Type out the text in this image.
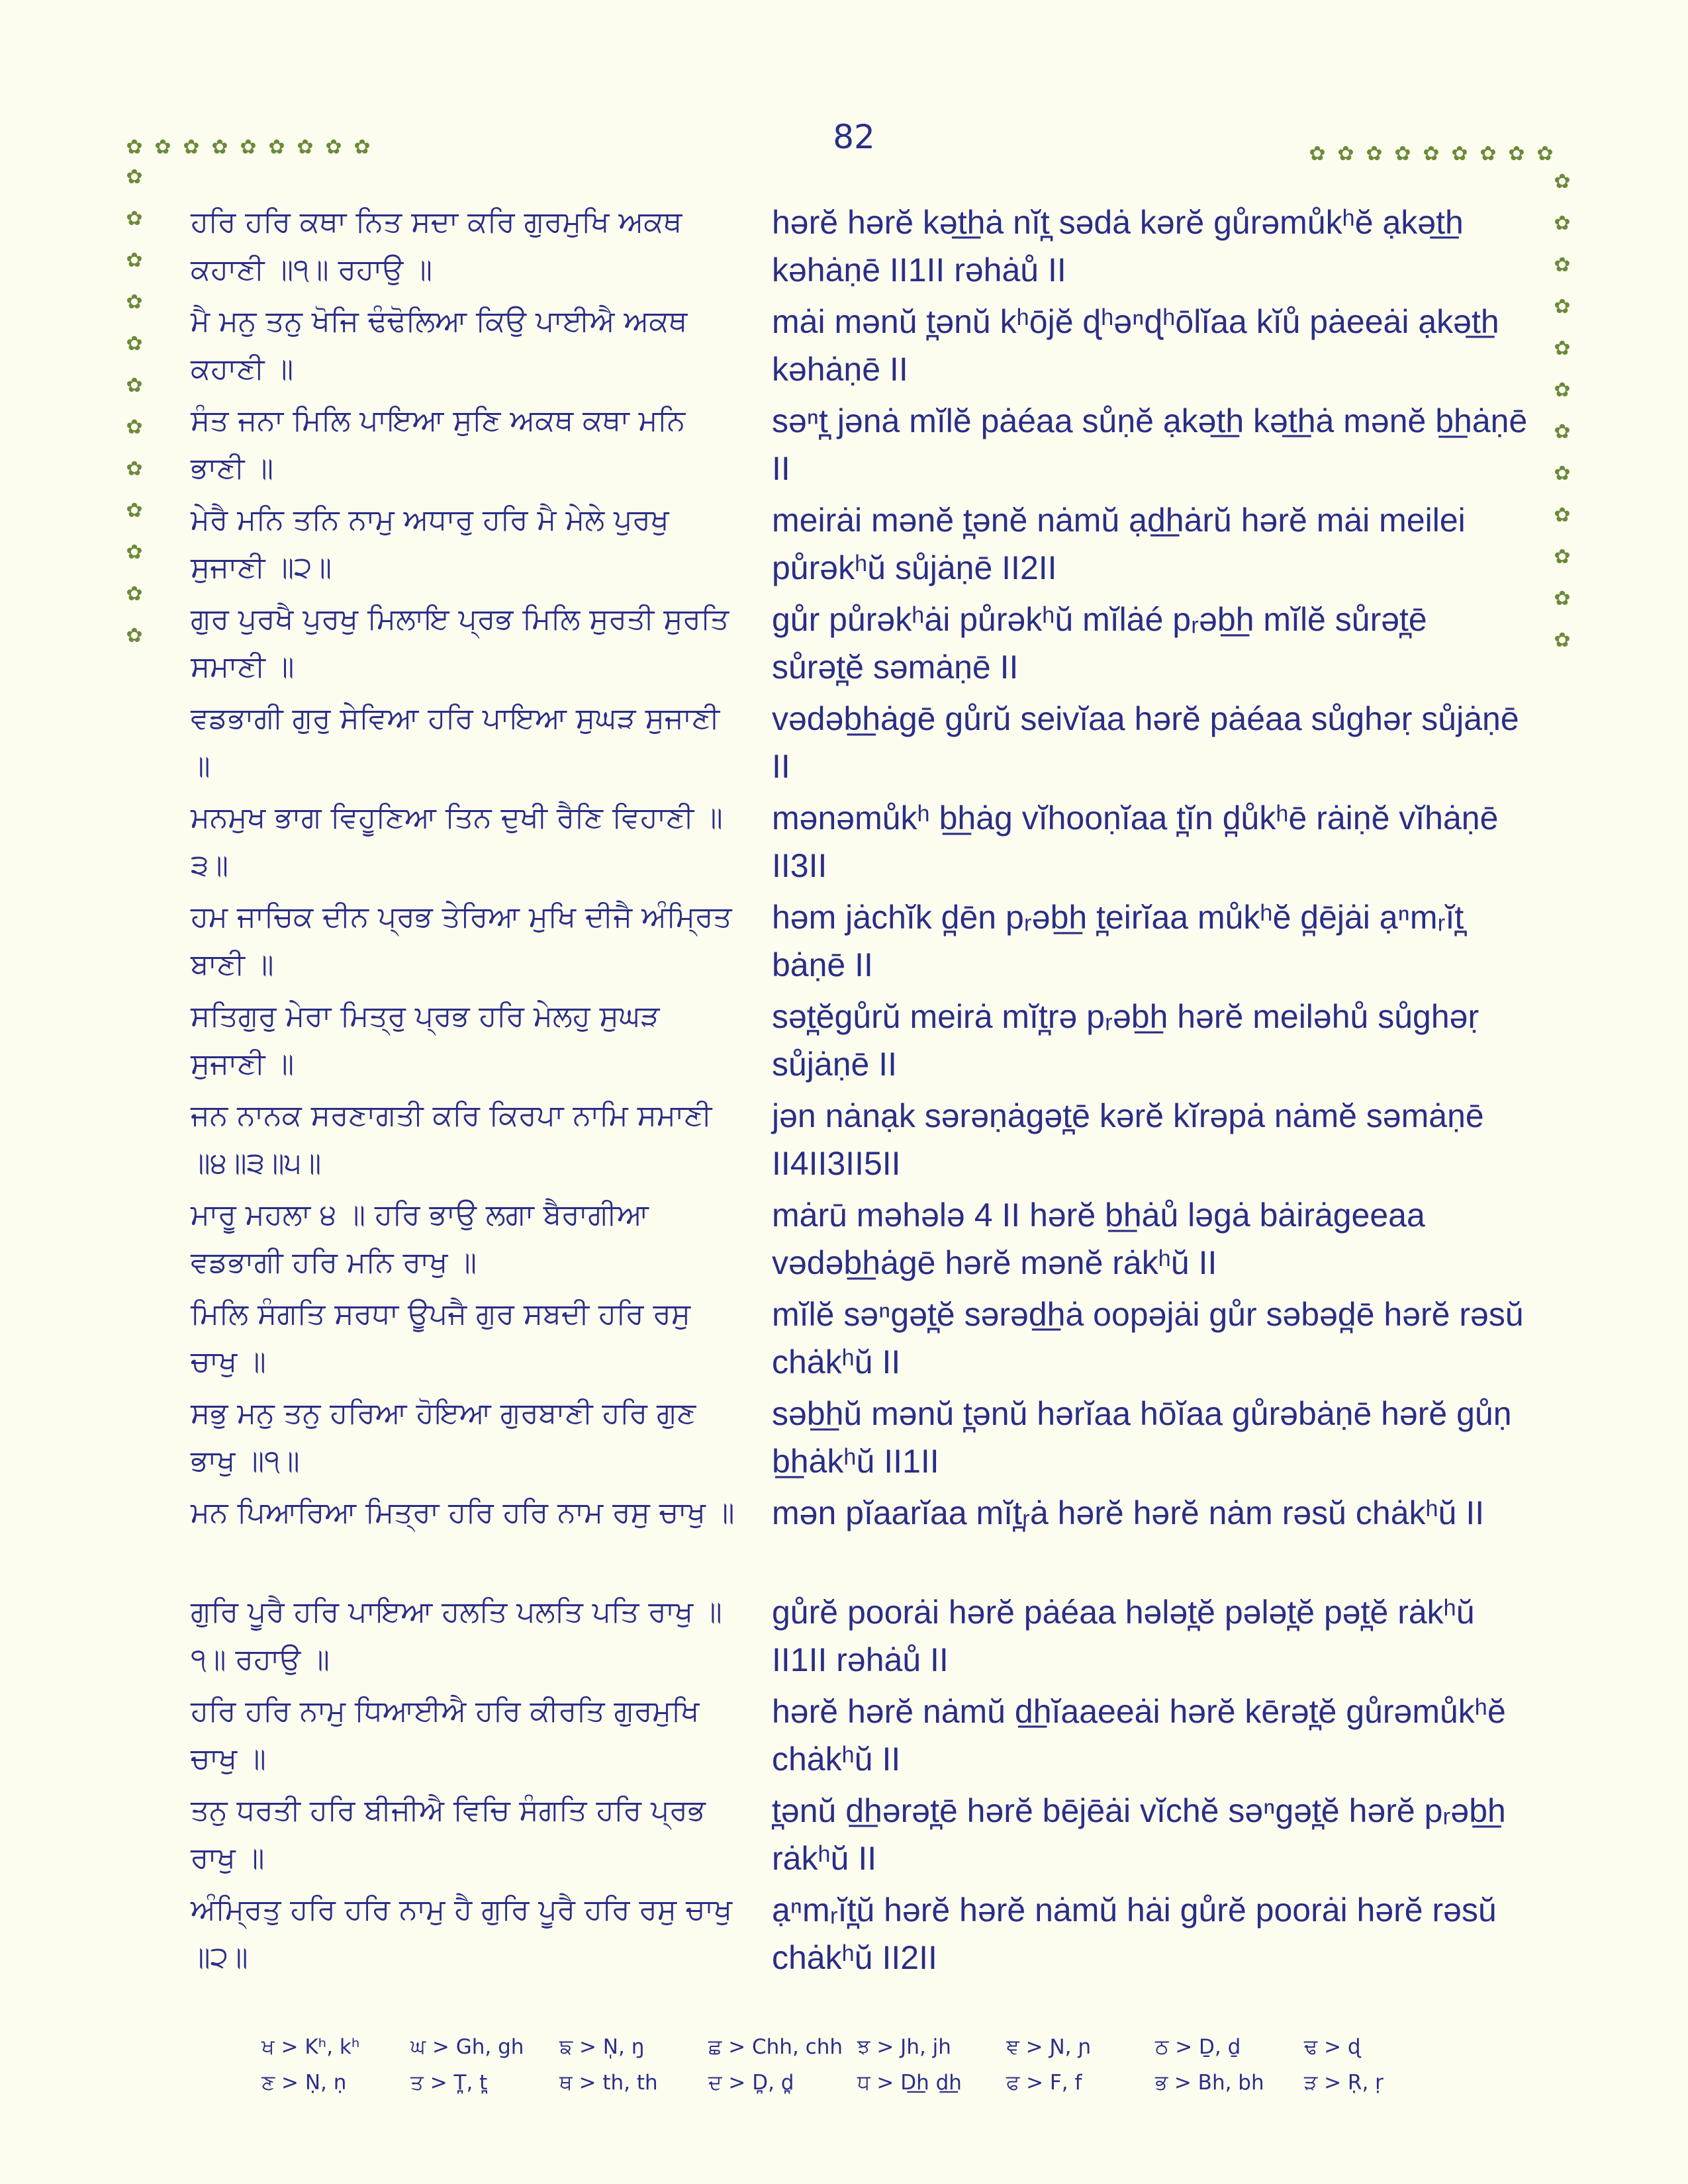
82
✿ ✿ ✿ ✿ ✿ ✿ ✿ ✿ ✿
✿
✿
✿
✿
✿
✿
✿
✿
✿
✿
✿
✿
✿ ✿ ✿ ✿ ✿ ✿ ✿ ✿ ✿
✿
✿
✿
✿
✿
✿
✿
✿
✿
✿
✿
✿
ਹਰਿ ਹਰਿ ਕਥਾ ਨਿਤ ਸਦਾ ਕਰਿ ਗੁਰਮੁਖਿ ਅਕਥ ਕਹਾਣੀ ॥੧॥ ਰਹਾਉ ॥
hərĕ hərĕ kət͟hȧ nĭt̪ sədȧ kərĕ gůrəmůkʰĕ ạkət͟h kəhȧṇē II1II rəhȧů II
ਮੈ ਮਨੁ ਤਨੁ ਖੋਜਿ ਢੰਢੋਲਿਆ ਕਿਉ ਪਾਈਐ ਅਕਥ ਕਹਾਣੀ ॥
mȧi mənŭ t̪ənŭ kʰōjĕ ɖʰəⁿɖʰōlĭaa kĭů pȧeeȧi ạkət͟h kəhȧṇē II
ਸੰਤ ਜਨਾ ਮਿਲਿ ਪਾਇਆ ਸੁਣਿ ਅਕਥ ਕਥਾ ਮਨਿ ਭਾਣੀ ॥
səⁿt̪ jənȧ mĭlĕ pȧéaa sůṇĕ ạkət͟h kət͟hȧ mənĕ b͟hȧṇē II
ਮੇਰੈ ਮਨਿ ਤਨਿ ਨਾਮੁ ਅਧਾਰੁ ਹਰਿ ਮੈ ਮੇਲੇ ਪੁਰਖੁ ਸੁਜਾਣੀ ॥੨॥
meirȧi mənĕ t̪ənĕ nȧmŭ ạd͟hȧrŭ hərĕ mȧi meilei půrəkʰŭ sůjȧṇē II2II
ਗੁਰ ਪੁਰਖੈ ਪੁਰਖੁ ਮਿਲਾਇ ਪ੍ਰਭ ਮਿਲਿ ਸੁਰਤੀ ਸੁਰਤਿ ਸਮਾਣੀ ॥
gůr půrəkʰȧi půrəkʰŭ mĭlȧé pᵣəb͟h mĭlĕ sůrət̪ē sůrət̪ĕ səmȧṇē II
ਵਡਭਾਗੀ ਗੁਰੁ ਸੇਵਿਆ ਹਰਿ ਪਾਇਆ ਸੁਘੜ ਸੁਜਾਣੀ ॥
vədəb͟hȧgē gůrŭ seivĭaa hərĕ pȧéaa sůghəṛ sůjȧṇē II
ਮਨਮੁਖ ਭਾਗ ਵਿਹੂਣਿਆ ਤਿਨ ਦੁਖੀ ਰੈਣਿ ਵਿਹਾਣੀ ॥੩॥
mənəmůkʰ b͟hȧg vĭhooṇĭaa t̪ĭn d̪ůkʰē rȧiṇĕ vĭhȧṇē II3II
ਹਮ ਜਾਚਿਕ ਦੀਨ ਪ੍ਰਭ ਤੇਰਿਆ ਮੁਖਿ ਦੀਜੈ ਅੰਮ੍ਰਿਤ ਬਾਣੀ ॥
həm jȧchĭk d̪ēn pᵣəb͟h t̪eirĭaa můkʰĕ d̪ējȧi ạⁿmᵣĭt̪ bȧṇē II
ਸਤਿਗੁਰੁ ਮੇਰਾ ਮਿਤ੍ਰੁ ਪ੍ਰਭ ਹਰਿ ਮੇਲਹੁ ਸੁਘੜ ਸੁਜਾਣੀ ॥
sət̪ĕgůrŭ meirȧ mĭt̪rə pᵣəb͟h hərĕ meiləhů sůghəṛ sůjȧṇē II
ਜਨ ਨਾਨਕ ਸਰਣਾਗਤੀ ਕਰਿ ਕਿਰਪਾ ਨਾਮਿ ਸਮਾਣੀ ॥੪॥੩॥੫॥
jən nȧnạk sərəṇȧgət̪ē kərĕ kĭrəpȧ nȧmĕ səmȧṇē II4II3II5II
ਮਾਰੂ ਮਹਲਾ ੪ ॥ ਹਰਿ ਭਾਉ ਲਗਾ ਬੈਰਾਗੀਆ ਵਡਭਾਗੀ ਹਰਿ ਮਨਿ ਰਾਖੁ ॥
mȧrū məhələ 4 II hərĕ b͟hȧů ləgȧ bȧirȧgeeaa vədəb͟hȧgē hərĕ mənĕ rȧkʰŭ II
ਮਿਲਿ ਸੰਗਤਿ ਸਰਧਾ ਊਪਜੈ ਗੁਰ ਸਬਦੀ ਹਰਿ ਰਸੁ ਚਾਖੁ ॥
mĭlĕ səⁿgət̪ĕ sərəd͟hȧ oopəjȧi gůr səbəd̪ē hərĕ rəsŭ chȧkʰŭ II
ਸਭੁ ਮਨੁ ਤਨੁ ਹਰਿਆ ਹੋਇਆ ਗੁਰਬਾਣੀ ਹਰਿ ਗੁਣ ਭਾਖੁ ॥੧॥
səb͟hŭ mənŭ t̪ənŭ hərĭaa hōĭaa gůrəbȧṇē hərĕ gůṇ b͟hȧkʰŭ II1II
ਮਨ ਪਿਆਰਿਆ ਮਿਤ੍ਰਾ ਹਰਿ ਹਰਿ ਨਾਮ ਰਸੁ ਚਾਖੁ ॥ mən pĭaarĭaa mĭt̪ᵣȧ hərĕ hərĕ nȧm rəsŭ chȧkʰŭ II
ਗੁਰਿ ਪੂਰੈ ਹਰਿ ਪਾਇਆ ਹਲਤਿ ਪਲਤਿ ਪਤਿ ਰਾਖੁ ॥੧॥ ਰਹਾਉ ॥
gůrĕ poorȧi hərĕ pȧéaa hələt̪ĕ pələt̪ĕ pət̪ĕ rȧkʰŭ II1II rəhȧů II
ਹਰਿ ਹਰਿ ਨਾਮੁ ਧਿਆਈਐ ਹਰਿ ਕੀਰਤਿ ਗੁਰਮੁਖਿ ਚਾਖੁ ॥
hərĕ hərĕ nȧmŭ d͟hĭaaeeȧi hərĕ kērət̪ĕ gůrəmůkʰĕ chȧkʰŭ II
ਤਨੁ ਧਰਤੀ ਹਰਿ ਬੀਜੀਐ ਵਿਚਿ ਸੰਗਤਿ ਹਰਿ ਪ੍ਰਭ ਰਾਖੁ ॥
t̪ənŭ d͟hərət̪ē hərĕ bējēȧi vĭchĕ səⁿgət̪ĕ hərĕ pᵣəb͟h rȧkʰŭ II
ਅੰਮ੍ਰਿਤੁ ਹਰਿ ਹਰਿ ਨਾਮੁ ਹੈ ਗੁਰਿ ਪੂਰੈ ਹਰਿ ਰਸੁ ਚਾਖੁ ॥੨॥
ạⁿmᵣĭt̪ŭ hərĕ hərĕ nȧmŭ hȧi gůrĕ poorȧi hərĕ rəsŭ chȧkʰŭ II2II
ਖ > Kʰ, kʰ	ਘ > Gh, gh	ਙ > N̩, ŋ	ਛ > Chh, chh ਝ > Jh, jh	ਞ > Ɲ, ɲ	ਠ > Ḏ, ḏ	ਢ > ɖ
ਣ > Ṇ, ṇ	ਤ > T̪, t̪	ਥ > th, th	ਦ > D̪, d̪	ਧ > D͟h d͟h	ਫ > F, f	ਭ > Bh, bh	ੜ > Ṛ, ṛ
